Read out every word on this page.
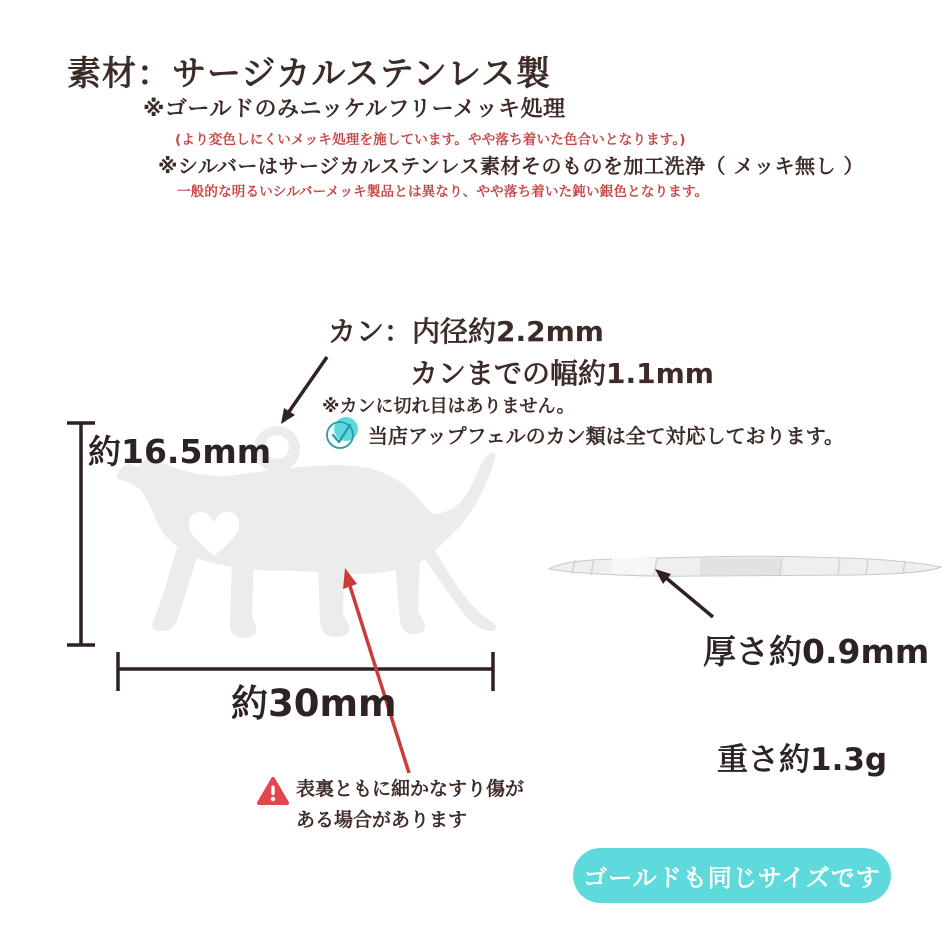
素材：サージカルステンレス製
※ゴールドのみニッケルフリーメッキ処理
(より変色しにくいメッキ処理を施しています。やや落ち着いた色合いとなります。)
※シルバーはサージカルステンレス素材そのものを加工洗浄（ メッキ無し ）
一般的な明るいシルバーメッキ製品とは異なり、やや落ち着いた鈍い銀色となります。
カン：内径約2.2mm
カンまでの幅約1.1mm
※カンに切れ目はありません。
当店アップフェルのカン類は全て対応しております。
約16.5mm
約30mm
厚さ約0.9mm
重さ約1.3g
表裏ともに細かなすり傷が
ある場合があります
ゴールドも同じサイズです
